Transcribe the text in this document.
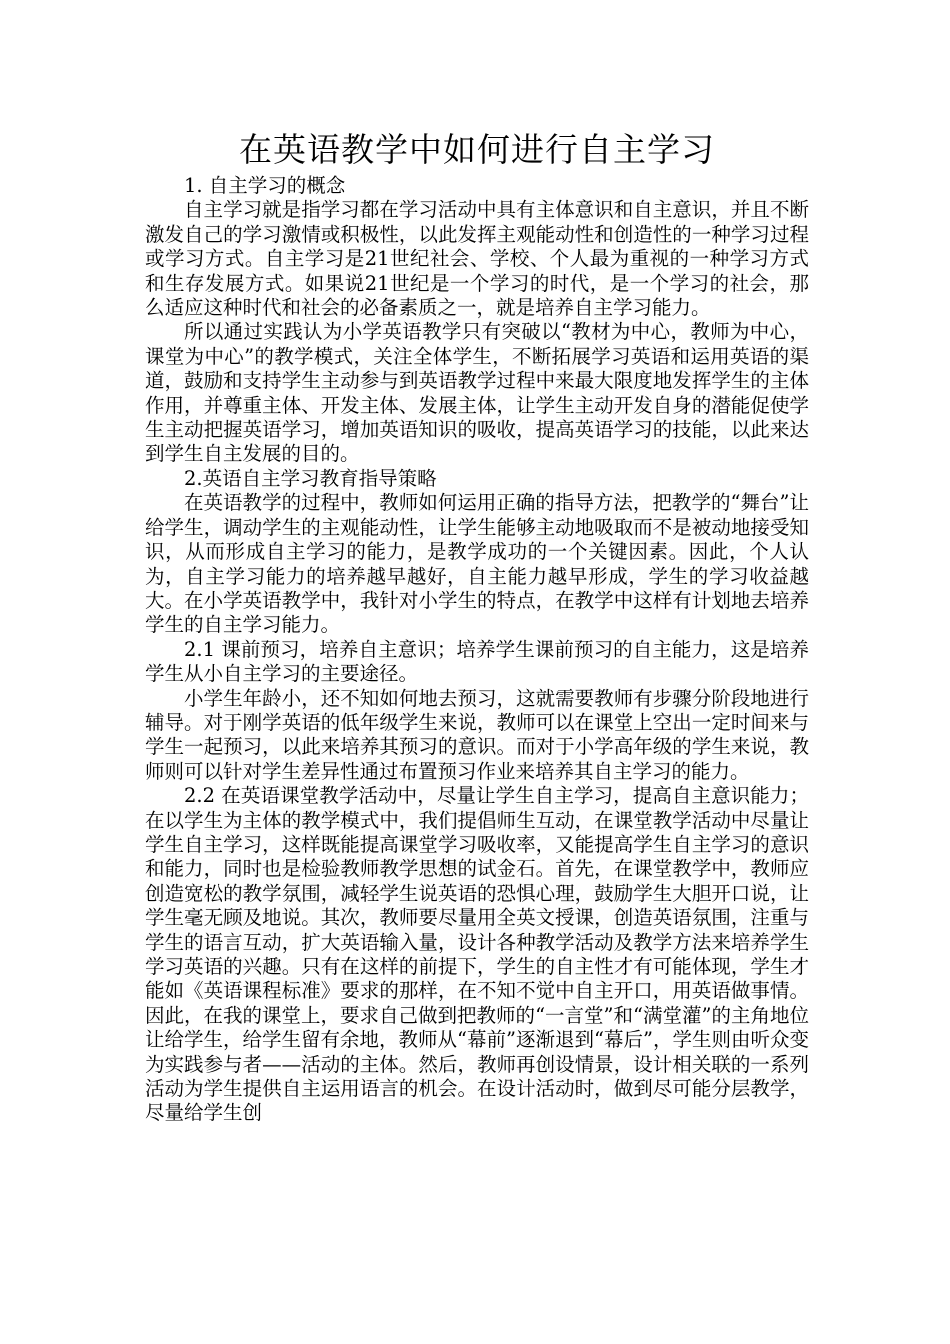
在英语教学中如何进行自主学习

1. 自主学习的概念

自主学习就是指学习都在学习活动中具有主体意识和自主意识，并且不断激发自己的学习激情或积极性，以此发挥主观能动性和创造性的一种学习过程或学习方式。自主学习是21世纪社会、学校、个人最为重视的一种学习方式和生存发展方式。如果说21世纪是一个学习的时代，是一个学习的社会，那么适应这种时代和社会的必备素质之一，就是培养自主学习能力。

所以通过实践认为小学英语教学只有突破以“教材为中心，教师为中心，课堂为中心”的教学模式，关注全体学生，不断拓展学习英语和运用英语的渠道，鼓励和支持学生主动参与到英语教学过程中来最大限度地发挥学生的主体作用，并尊重主体、开发主体、发展主体，让学生主动开发自身的潜能促使学生主动把握英语学习，增加英语知识的吸收，提高英语学习的技能，以此来达到学生自主发展的目的。

2.英语自主学习教育指导策略

在英语教学的过程中，教师如何运用正确的指导方法，把教学的“舞台”让给学生，调动学生的主观能动性，让学生能够主动地吸取而不是被动地接受知识，从而形成自主学习的能力，是教学成功的一个关键因素。因此，个人认为，自主学习能力的培养越早越好，自主能力越早形成，学生的学习收益越大。在小学英语教学中，我针对小学生的特点，在教学中这样有计划地去培养学生的自主学习能力。

2.1 课前预习，培养自主意识；培养学生课前预习的自主能力，这是培养学生从小自主学习的主要途径。

小学生年龄小，还不知如何地去预习，这就需要教师有步骤分阶段地进行辅导。对于刚学英语的低年级学生来说，教师可以在课堂上空出一定时间来与学生一起预习，以此来培养其预习的意识。而对于小学高年级的学生来说，教师则可以针对学生差异性通过布置预习作业来培养其自主学习的能力。

2.2 在英语课堂教学活动中，尽量让学生自主学习，提高自主意识能力；在以学生为主体的教学模式中，我们提倡师生互动，在课堂教学活动中尽量让学生自主学习，这样既能提高课堂学习吸收率，又能提高学生自主学习的意识和能力，同时也是检验教师教学思想的试金石。首先，在课堂教学中，教师应创造宽松的教学氛围，减轻学生说英语的恐惧心理，鼓励学生大胆开口说，让学生毫无顾及地说。其次，教师要尽量用全英文授课，创造英语氛围，注重与学生的语言互动，扩大英语输入量，设计各种教学活动及教学方法来培养学生学习英语的兴趣。只有在这样的前提下，学生的自主性才有可能体现，学生才能如《英语课程标准》要求的那样，在不知不觉中自主开口，用英语做事情。因此，在我的课堂上，要求自己做到把教师的“一言堂”和“满堂灌”的主角地位让给学生，给学生留有余地，教师从“幕前”逐渐退到“幕后”，学生则由听众变为实践参与者——活动的主体。然后，教师再创设情景，设计相关联的一系列活动为学生提供自主运用语言的机会。在设计活动时，做到尽可能分层教学，尽量给学生创
